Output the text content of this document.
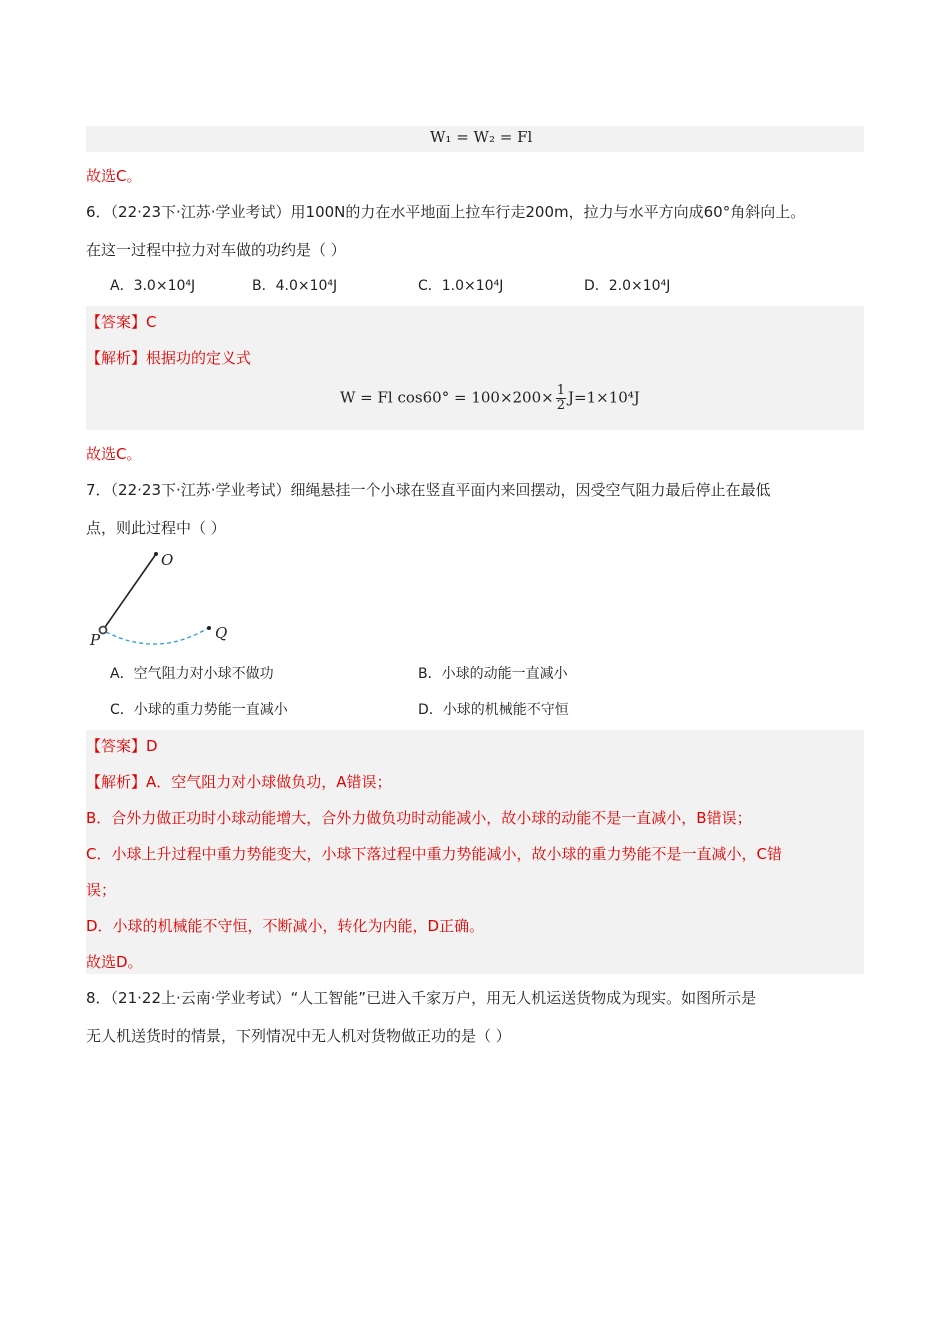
W₁ = W₂ = Fl
故选C。
6．（22·23下·江苏·学业考试）用100N的力在水平地面上拉车行走200m，拉力与水平方向成60°角斜向上。
在这一过程中拉力对车做的功约是（ ）
A．3.0×10⁴J	B．4.0×10⁴J	C．1.0×10⁴J	D．2.0×10⁴J
【答案】C
【解析】根据功的定义式
W = Fl $\cos 60^\circ = 100\times 200\times \frac{1}{2} J=1\times 10^4J$
故选C。
7．（22·23下·江苏·学业考试）细绳悬挂一个小球在竖直平面内来回摆动，因受空气阻力最后停止在最低
点，则此过程中（ ）
O
P	Q
A．空气阻力对小球不做功	B．小球的动能一直减小
C．小球的重力势能一直减小	D．小球的机械能不守恒
【答案】D
【解析】A．空气阻力对小球做负功，A错误；
B．合外力做正功时小球动能增大，合外力做负功时动能减小，故小球的动能不是一直减小，B错误；
C．小球上升过程中重力势能变大，小球下落过程中重力势能减小，故小球的重力势能不是一直减小，C错
误；
D．小球的机械能不守恒，不断减小，转化为内能，D正确。
故选D。
8．（21·22上·云南·学业考试）“人工智能”已进入千家万户，用无人机运送货物成为现实。如图所示是
无人机送货时的情景，下列情况中无人机对货物做正功的是（ ）
